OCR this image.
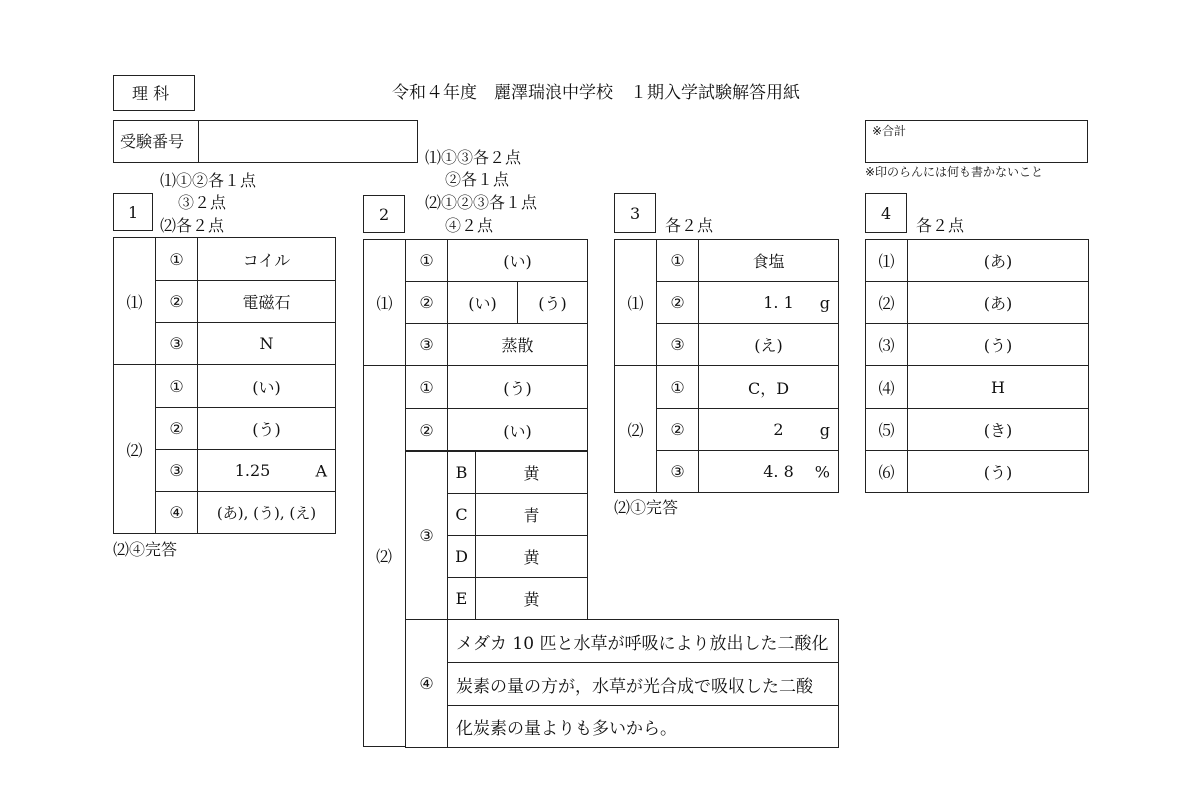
理 科	令和４年度　麗澤瑞浪中学校　１期入学試験解答用紙
受験番号
※合計
※印のらんには何も書かないこと
⑴①②各１点
③２点
⑵各２点
1
⑴	①	コイル
	②	電磁石
	③	N
⑵	①	(い)
	②	(う)
	③	1.25 A

	④	(あ), (う), (え)
⑵④完答
⑴①③各２点
②各１点
⑵①②③各１点
④２点
2
⑴	①	(い)	
	②	(い)	(う)
	③	蒸散	
⑵
①	(う)
②	(い)
③	B	黄
	C	青
	D	黄
	E	黄
④	メダカ 10 匹と水草が呼吸により放出した二酸化
炭素の量の方が，水草が光合成で吸収した二酸
化炭素の量よりも多いから。
3
各２点
⑴	①	食塩
	②	1. 1 g

	③	(え)
⑵	①	C，D
	②	2 g

	③	4. 8 %
⑵①完答
4
各２点
⑴	(あ)
⑵	(あ)
⑶	(う)
⑷	H
⑸	(き)
⑹	(う)
